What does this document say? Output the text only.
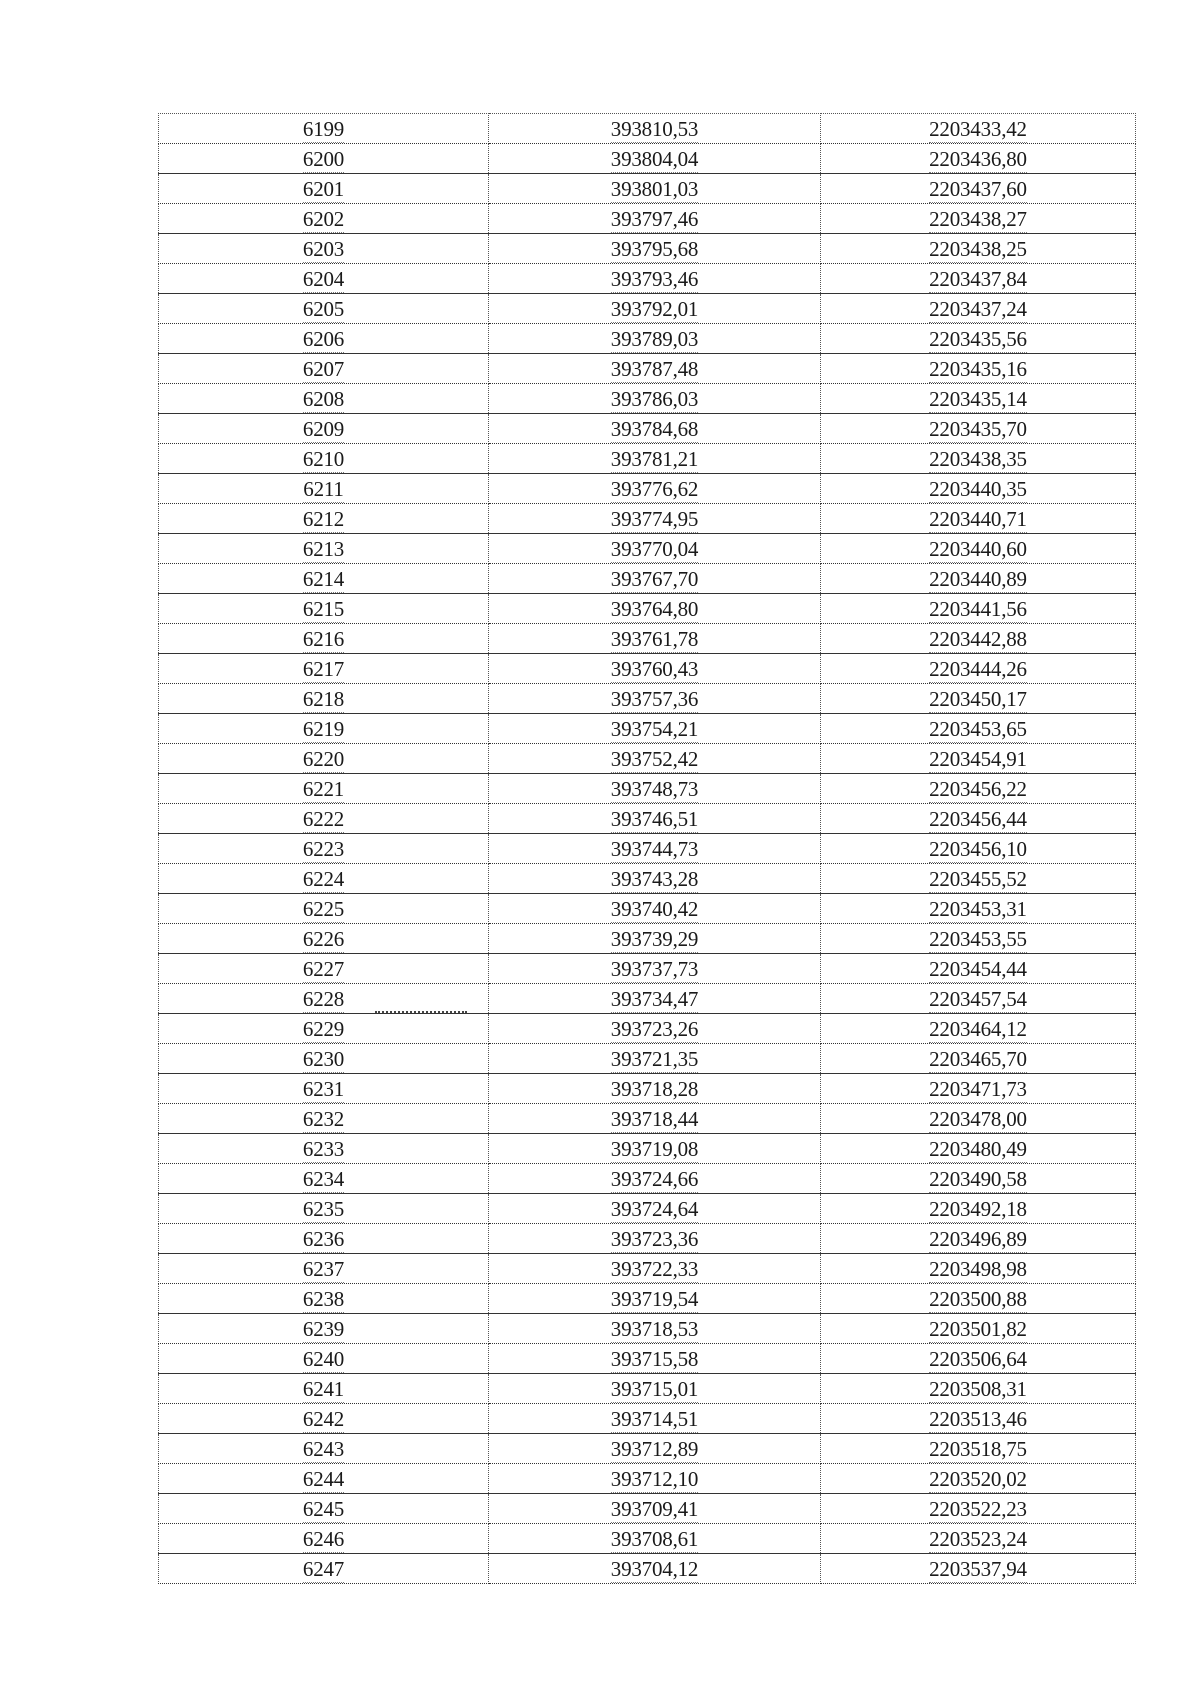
6199	393810,53	2203433,42
6200	393804,04	2203436,80
6201	393801,03	2203437,60
6202	393797,46	2203438,27
6203	393795,68	2203438,25
6204	393793,46	2203437,84
6205	393792,01	2203437,24
6206	393789,03	2203435,56
6207	393787,48	2203435,16
6208	393786,03	2203435,14
6209	393784,68	2203435,70
6210	393781,21	2203438,35
6211	393776,62	2203440,35
6212	393774,95	2203440,71
6213	393770,04	2203440,60
6214	393767,70	2203440,89
6215	393764,80	2203441,56
6216	393761,78	2203442,88
6217	393760,43	2203444,26
6218	393757,36	2203450,17
6219	393754,21	2203453,65
6220	393752,42	2203454,91
6221	393748,73	2203456,22
6222	393746,51	2203456,44
6223	393744,73	2203456,10
6224	393743,28	2203455,52
6225	393740,42	2203453,31
6226	393739,29	2203453,55
6227	393737,73	2203454,44
6228	393734,47	2203457,54
6229	393723,26	2203464,12
6230	393721,35	2203465,70
6231	393718,28	2203471,73
6232	393718,44	2203478,00
6233	393719,08	2203480,49
6234	393724,66	2203490,58
6235	393724,64	2203492,18
6236	393723,36	2203496,89
6237	393722,33	2203498,98
6238	393719,54	2203500,88
6239	393718,53	2203501,82
6240	393715,58	2203506,64
6241	393715,01	2203508,31
6242	393714,51	2203513,46
6243	393712,89	2203518,75
6244	393712,10	2203520,02
6245	393709,41	2203522,23
6246	393708,61	2203523,24
6247	393704,12	2203537,94
